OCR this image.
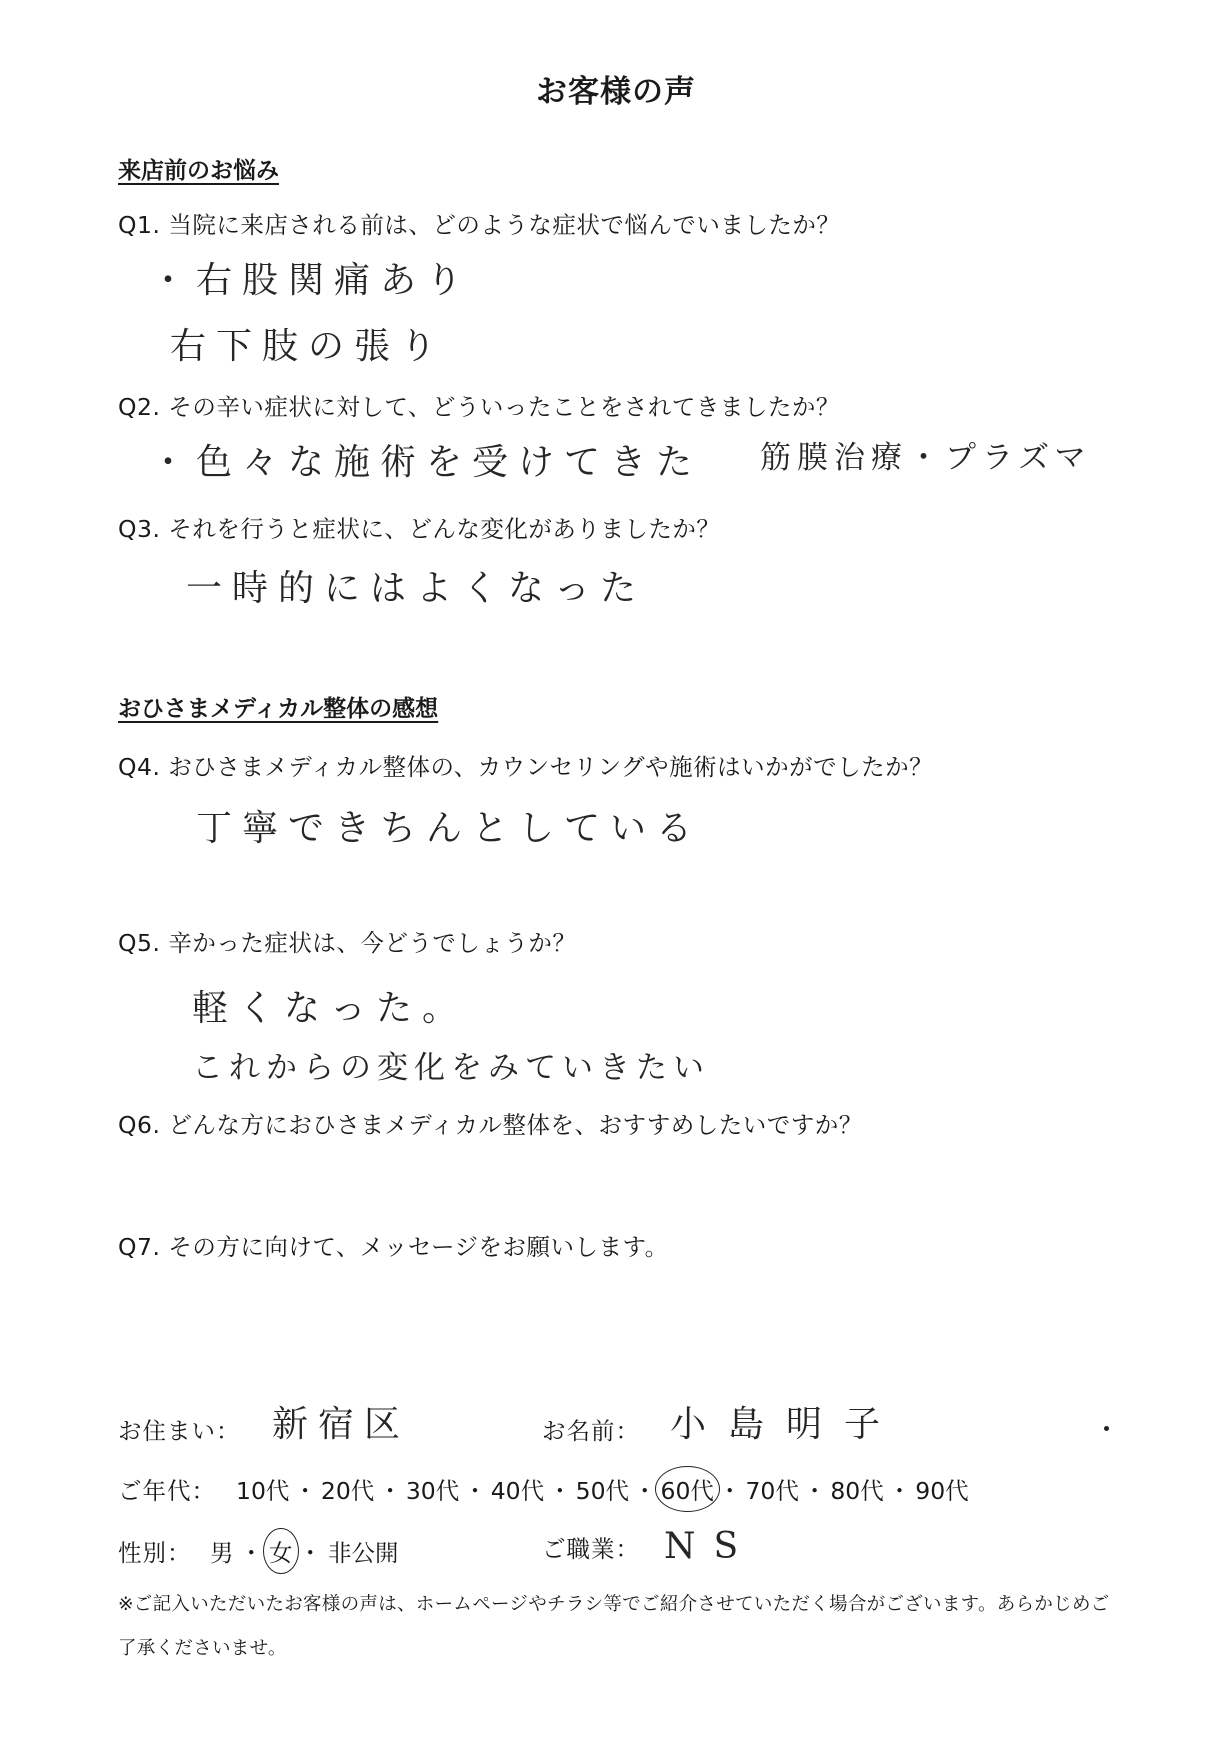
お客様の声
来店前のお悩み
Q1. 当院に来店される前は、どのような症状で悩んでいましたか？
・右股関痛あり
右下肢の張り
Q2. その辛い症状に対して、どういったことをされてきましたか？
・色々な施術を受けてきた 筋膜治療・プラズマ
Q3. それを行うと症状に、どんな変化がありましたか？
一時的にはよくなった
おひさまメディカル整体の感想
Q4. おひさまメディカル整体の、カウンセリングや施術はいかがでしたか？
丁寧できちんとしている
Q5. 辛かった症状は、今どうでしょうか？
軽くなった。
これからの変化をみていきたい
Q6. どんな方におひさまメディカル整体を、おすすめしたいですか？
Q7. その方に向けて、メッセージをお願いします。
お住まい： 新宿区	お名前： 小島明子
ご年代： 10代 ・ 20代 ・ 30代 ・ 40代 ・ 50代 ・ 60代 ・ 70代 ・ 80代 ・ 90代
性別： 男 ・ 女 ・ 非公開	ご職業： NS
※ご記入いただいたお客様の声は、ホームページやチラシ等でご紹介させていただく場合がございます。あらかじめご
了承くださいませ。
